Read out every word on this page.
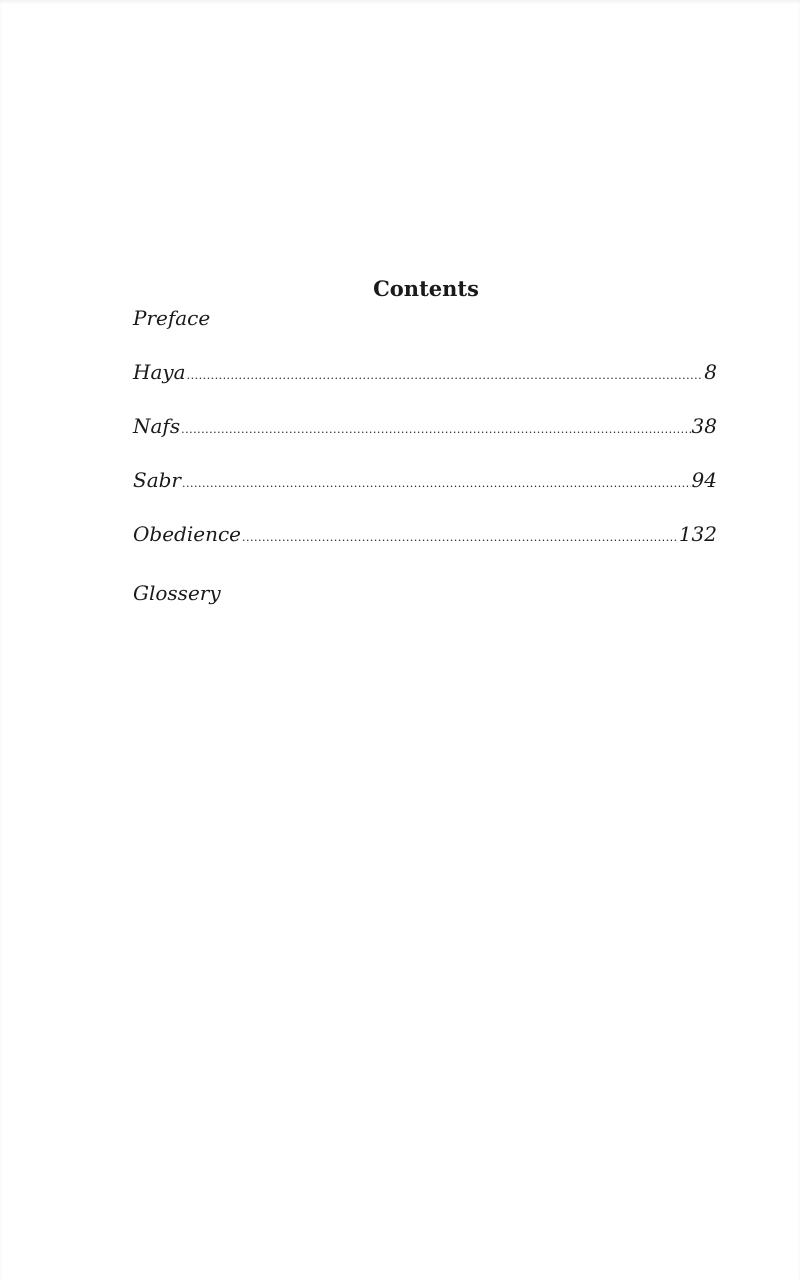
Contents
Preface
Haya .....	8
Nafs .....	38
Sabr .....	94
Obedience .....	132
Glossery
